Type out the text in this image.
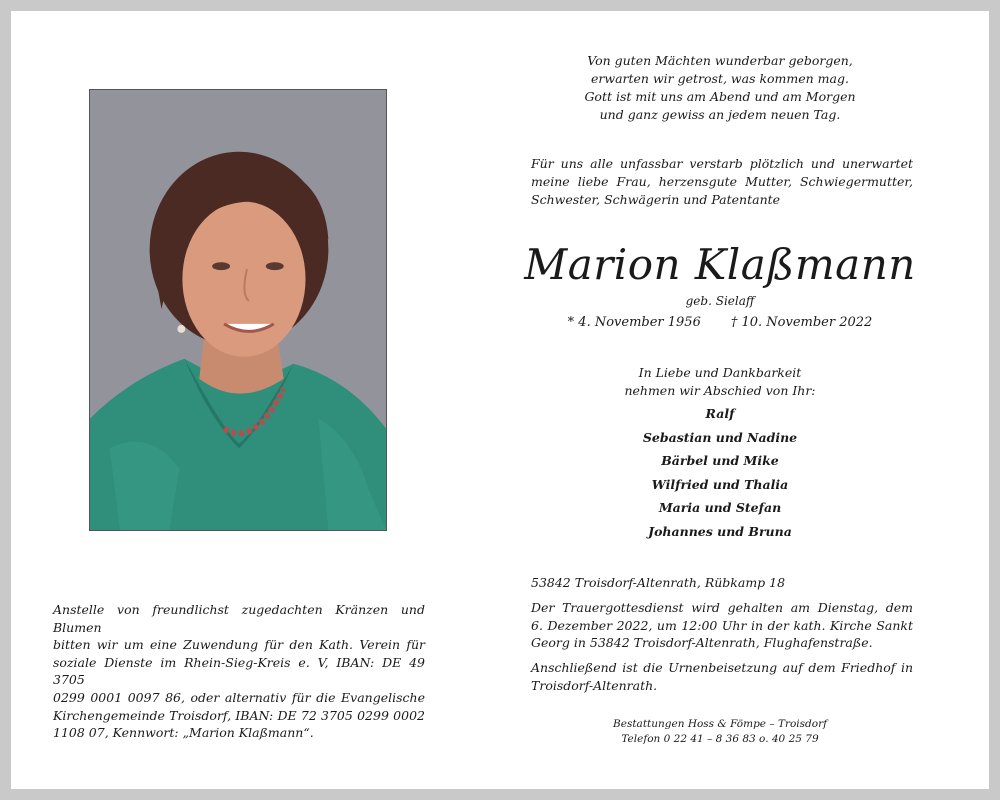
Von guten Mächten wunderbar geborgen,
erwarten wir getrost, was kommen mag.
Gott ist mit uns am Abend und am Morgen
und ganz gewiss an jedem neuen Tag.
Für uns alle unfassbar verstarb plötzlich und unerwartet
meine liebe Frau, herzensgute Mutter, Schwiegermutter,
Schwester, Schwägerin und Patentante
Marion Klaßmann
geb. Sielaff
* 4. November 1956 † 10. November 2022
In Liebe und Dankbarkeit
nehmen wir Abschied von Ihr:
Ralf
Sebastian und Nadine
Bärbel und Mike
Wilfried und Thalia
Maria und Stefan
Johannes und Bruna
53842 Troisdorf-Altenrath, Rübkamp 18
Der Trauergottesdienst wird gehalten am Dienstag, dem
6. Dezember 2022, um 12:00 Uhr in der kath. Kirche Sankt
Georg in 53842 Troisdorf-Altenrath, Flughafenstraße.
Anschließend ist die Urnenbeisetzung auf dem Friedhof in
Troisdorf-Altenrath.
Bestattungen Hoss & Fömpe – Troisdorf
Telefon 0 22 41 – 8 36 83 o. 40 25 79
Anstelle von freundlichst zugedachten Kränzen und Blumen
bitten wir um eine Zuwendung für den Kath. Verein für
soziale Dienste im Rhein-Sieg-Kreis e. V, IBAN: DE 49 3705
0299 0001 0097 86, oder alternativ für die Evangelische
Kirchengemeinde Troisdorf, IBAN: DE 72 3705 0299 0002
1108 07, Kennwort: „Marion Klaßmann“.
